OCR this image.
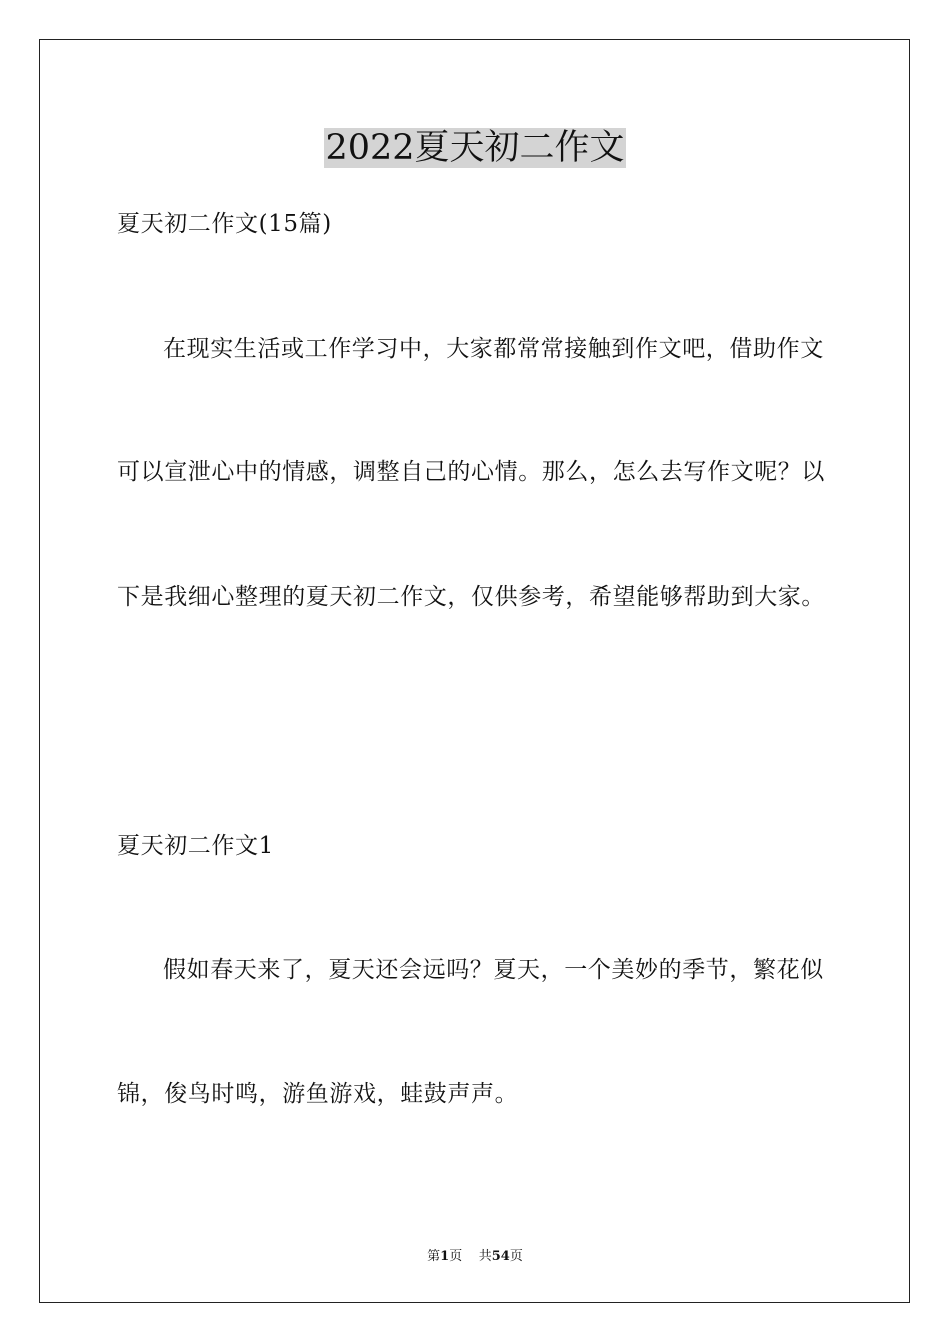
2022夏天初二作文
夏天初二作文(15篇)
在现实生活或工作学习中，大家都常常接触到作文吧，借助作文
可以宣泄心中的情感，调整自己的心情。那么，怎么去写作文呢？以
下是我细心整理的夏天初二作文，仅供参考，希望能够帮助到大家。
夏天初二作文1
假如春天来了，夏天还会远吗？夏天，一个美妙的季节，繁花似
锦，俊鸟时鸣，游鱼游戏，蛙鼓声声。
第1页 共54页
